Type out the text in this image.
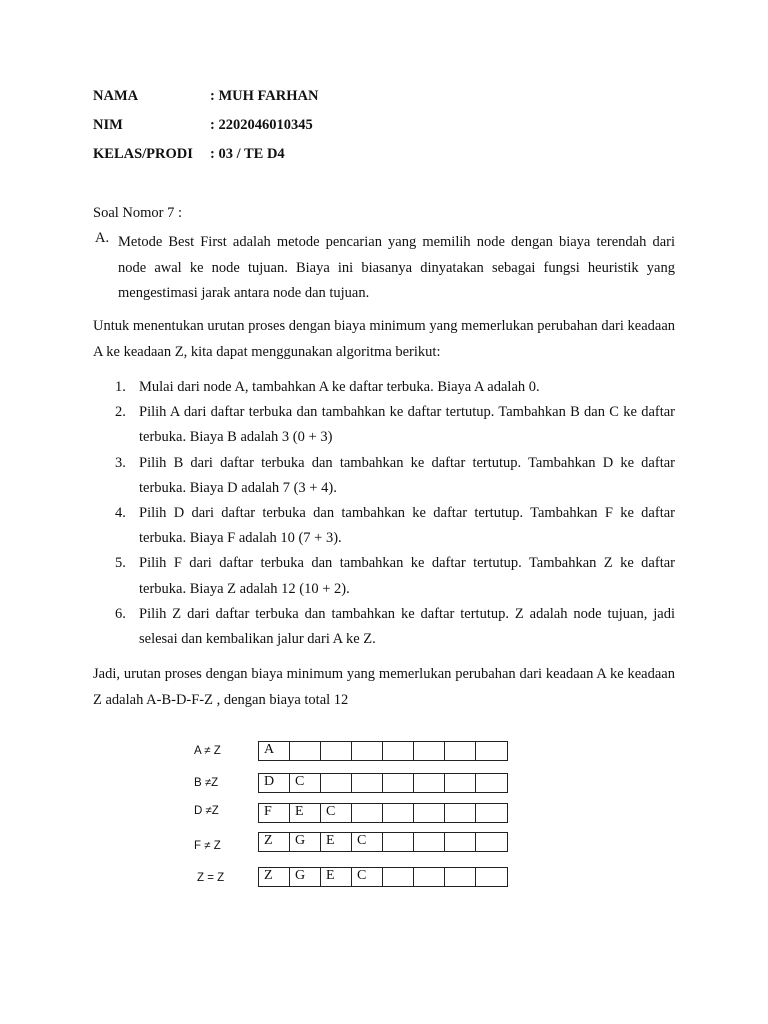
NAMA	: MUH FARHAN
NIM	: 2202046010345
KELAS/PRODI : 03 / TE D4
Soal Nomor 7 :
A. Metode Best First adalah metode pencarian yang memilih node dengan biaya terendah dari node awal ke node tujuan. Biaya ini biasanya dinyatakan sebagai fungsi heuristik yang mengestimasi jarak antara node dan tujuan.
Untuk menentukan urutan proses dengan biaya minimum yang memerlukan perubahan dari keadaan A ke keadaan Z, kita dapat menggunakan algoritma berikut:
1. Mulai dari node A, tambahkan A ke daftar terbuka. Biaya A adalah 0.
2. Pilih A dari daftar terbuka dan tambahkan ke daftar tertutup. Tambahkan B dan C ke daftar terbuka. Biaya B adalah 3 (0 + 3)
3. Pilih B dari daftar terbuka dan tambahkan ke daftar tertutup. Tambahkan D ke daftar terbuka. Biaya D adalah 7 (3 + 4).
4. Pilih D dari daftar terbuka dan tambahkan ke daftar tertutup. Tambahkan F ke daftar terbuka. Biaya F adalah 10 (7 + 3).
5. Pilih F dari daftar terbuka dan tambahkan ke daftar tertutup. Tambahkan Z ke daftar terbuka. Biaya Z adalah 12 (10 + 2).
6. Pilih Z dari daftar terbuka dan tambahkan ke daftar tertutup. Z adalah node tujuan, jadi selesai dan kembalikan jalur dari A ke Z.
Jadi, urutan proses dengan biaya minimum yang memerlukan perubahan dari keadaan A ke keadaan Z adalah A-B-D-F-Z , dengan biaya total 12
A ≠ Z	A
B ≠Z	D	C
D ≠Z	F	E	C
F ≠ Z	Z	G	E	C
Z = Z	Z	G	E	C
